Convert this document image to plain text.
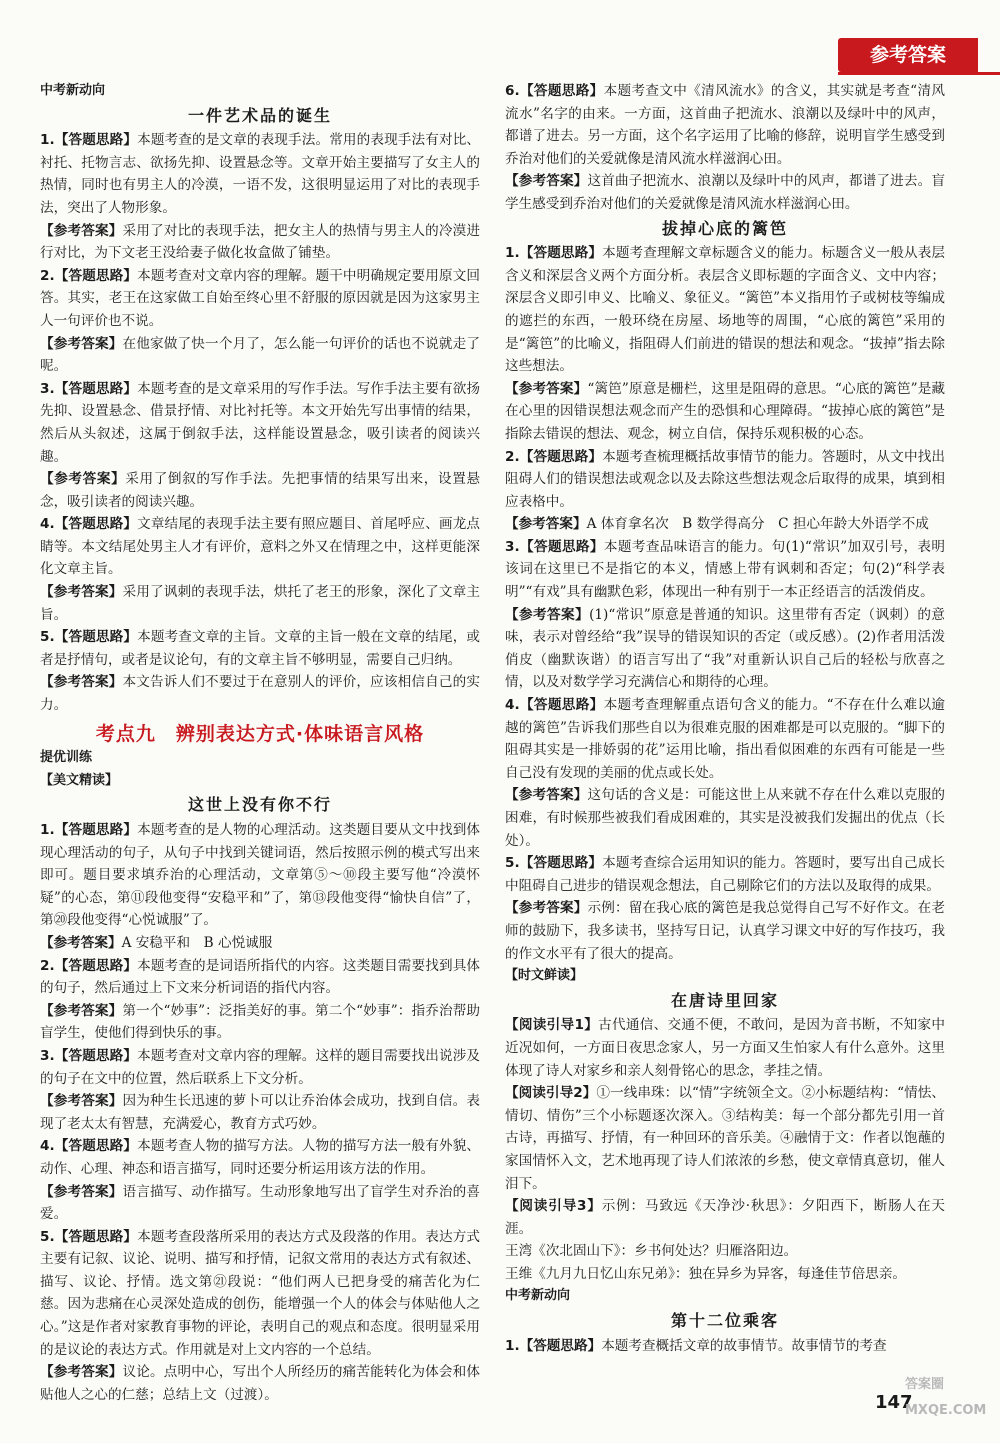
参考答案

中考新动向

一件艺术品的诞生

1.【答题思路】本题考查的是文章的表现手法。常用的表现手法有对比、衬托、托物言志、欲扬先抑、设置悬念等。文章开始主要描写了女主人的热情，同时也有男主人的冷漠，一语不发，这很明显运用了对比的表现手法，突出了人物形象。

【参考答案】采用了对比的表现手法，把女主人的热情与男主人的冷漠进行对比，为下文老王没给妻子做化妆盒做了铺垫。

2.【答题思路】本题考查对文章内容的理解。题干中明确规定要用原文回答。其实，老王在这家做工自始至终心里不舒服的原因就是因为这家男主人一句评价也不说。

【参考答案】在他家做了快一个月了，怎么能一句评价的话也不说就走了呢。

3.【答题思路】本题考查的是文章采用的写作手法。写作手法主要有欲扬先抑、设置悬念、借景抒情、对比衬托等。本文开始先写出事情的结果，然后从头叙述，这属于倒叙手法，这样能设置悬念，吸引读者的阅读兴趣。

【参考答案】采用了倒叙的写作手法。先把事情的结果写出来，设置悬念，吸引读者的阅读兴趣。

4.【答题思路】文章结尾的表现手法主要有照应题目、首尾呼应、画龙点睛等。本文结尾处男主人才有评价，意料之外又在情理之中，这样更能深化文章主旨。

【参考答案】采用了讽刺的表现手法，烘托了老王的形象，深化了文章主旨。

5.【答题思路】本题考查文章的主旨。文章的主旨一般在文章的结尾，或者是抒情句，或者是议论句，有的文章主旨不够明显，需要自己归纳。

【参考答案】本文告诉人们不要过于在意别人的评价，应该相信自己的实力。

考点九　辨别表达方式·体味语言风格

提优训练

【美文精读】

这世上没有你不行

1.【答题思路】本题考查的是人物的心理活动。这类题目要从文中找到体现心理活动的句子，从句子中找到关键词语，然后按照示例的模式写出来即可。题目要求填乔治的心理活动，文章第⑤～⑩段主要写他“冷漠怀疑”的心态，第⑪段他变得“安稳平和”了，第⑬段他变得“愉快自信”了，第⑳段他变得“心悦诚服”了。

【参考答案】A 安稳平和　B 心悦诚服

2.【答题思路】本题考查的是词语所指代的内容。这类题目需要找到具体的句子，然后通过上下文来分析词语的指代内容。

【参考答案】第一个“妙事”：泛指美好的事。第二个“妙事”：指乔治帮助盲学生，使他们得到快乐的事。

3.【答题思路】本题考查对文章内容的理解。这样的题目需要找出说涉及的句子在文中的位置，然后联系上下文分析。

【参考答案】因为种生长迅速的萝卜可以让乔治体会成功，找到自信。表现了老太太有智慧，充满爱心，教育方式巧妙。

4.【答题思路】本题考查人物的描写方法。人物的描写方法一般有外貌、动作、心理、神态和语言描写，同时还要分析运用该方法的作用。

【参考答案】语言描写、动作描写。生动形象地写出了盲学生对乔治的喜爱。

5.【答题思路】本题考查段落所采用的表达方式及段落的作用。表达方式主要有记叙、议论、说明、描写和抒情，记叙文常用的表达方式有叙述、描写、议论、抒情。选文第㉑段说：“他们两人已把身受的痛苦化为仁慈。因为悲痛在心灵深处造成的创伤，能增强一个人的体会与体贴他人之心。”这是作者对家教育事物的评论，表明自己的观点和态度。很明显采用的是议论的表达方式。作用就是对上文内容的一个总结。

【参考答案】议论。点明中心，写出个人所经历的痛苦能转化为体会和体贴他人之心的仁慈；总结上文（过渡）。

6.【答题思路】本题考查文中《清风流水》的含义，其实就是考查“清风流水”名字的由来。一方面，这首曲子把流水、浪潮以及绿叶中的风声，都谱了进去。另一方面，这个名字运用了比喻的修辞，说明盲学生感受到乔治对他们的关爱就像是清风流水样滋润心田。

【参考答案】这首曲子把流水、浪潮以及绿叶中的风声，都谱了进去。盲学生感受到乔治对他们的关爱就像是清风流水样滋润心田。

拔掉心底的篱笆

1.【答题思路】本题考查理解文章标题含义的能力。标题含义一般从表层含义和深层含义两个方面分析。表层含义即标题的字面含义、文中内容；深层含义即引申义、比喻义、象征义。“篱笆”本义指用竹子或树枝等编成的遮拦的东西，一般环绕在房屋、场地等的周围，“心底的篱笆”采用的是“篱笆”的比喻义，指阻碍人们前进的错误的想法和观念。“拔掉”指去除这些想法。

【参考答案】“篱笆”原意是栅栏，这里是阻碍的意思。“心底的篱笆”是藏在心里的因错误想法观念而产生的恐惧和心理障碍。“拔掉心底的篱笆”是指除去错误的想法、观念，树立自信，保持乐观积极的心态。

2.【答题思路】本题考查梳理概括故事情节的能力。答题时，从文中找出阻碍人们的错误想法或观念以及去除这些想法观念后取得的成果，填到相应表格中。

【参考答案】A 体育拿名次　B 数学得高分　C 担心年龄大外语学不成

3.【答题思路】本题考查品味语言的能力。句(1)“常识”加双引号，表明该词在这里已不是指它的本义，情感上带有讽刺和否定；句(2)“科学表明”“有戏”具有幽默色彩，体现出一种有别于一本正经语言的活泼俏皮。

【参考答案】(1)“常识”原意是普通的知识。这里带有否定（讽刺）的意味，表示对曾经给“我”误导的错误知识的否定（或反感）。(2)作者用活泼俏皮（幽默诙谐）的语言写出了“我”对重新认识自己后的轻松与欣喜之情，以及对数学学习充满信心和期待的心理。

4.【答题思路】本题考查理解重点语句含义的能力。“不存在什么难以逾越的篱笆”告诉我们那些自以为很难克服的困难都是可以克服的。“脚下的阻碍其实是一排娇弱的花”运用比喻，指出看似困难的东西有可能是一些自己没有发现的美丽的优点或长处。

【参考答案】这句话的含义是：可能这世上从来就不存在什么难以克服的困难，有时候那些被我们看成困难的，其实是没被我们发掘出的优点（长处）。

5.【答题思路】本题考查综合运用知识的能力。答题时，要写出自己成长中阻碍自己进步的错误观念想法，自己剔除它们的方法以及取得的成果。

【参考答案】示例：留在我心底的篱笆是我总觉得自己写不好作文。在老师的鼓励下，我多读书，坚持写日记，认真学习课文中好的写作技巧，我的作文水平有了很大的提高。

【时文鲜读】

在唐诗里回家

【阅读引导1】古代通信、交通不便，不敢问，是因为音书断，不知家中近况如何，一方面日夜思念家人，另一方面又生怕家人有什么意外。这里体现了诗人对家乡和亲人刻骨铭心的思念，孝挂之情。

【阅读引导2】①一线串珠：以“情”字统领全文。②小标题结构：“情怯、情切、情伤”三个小标题逐次深入。③结构美：每一个部分都先引用一首古诗，再描写、抒情，有一种回环的音乐美。④融情于文：作者以饱蘸的家国情怀入文，艺术地再现了诗人们浓浓的乡愁，使文章情真意切，催人泪下。

【阅读引导3】示例：马致远《天净沙·秋思》：夕阳西下，断肠人在天涯。

王湾《次北固山下》：乡书何处达？归雁洛阳边。

王维《九月九日忆山东兄弟》：独在异乡为异客，每逢佳节倍思亲。

中考新动向

第十二位乘客

1.【答题思路】本题考查概括文章的故事情节。故事情节的考查

147
答案圈 MXQE.COM
